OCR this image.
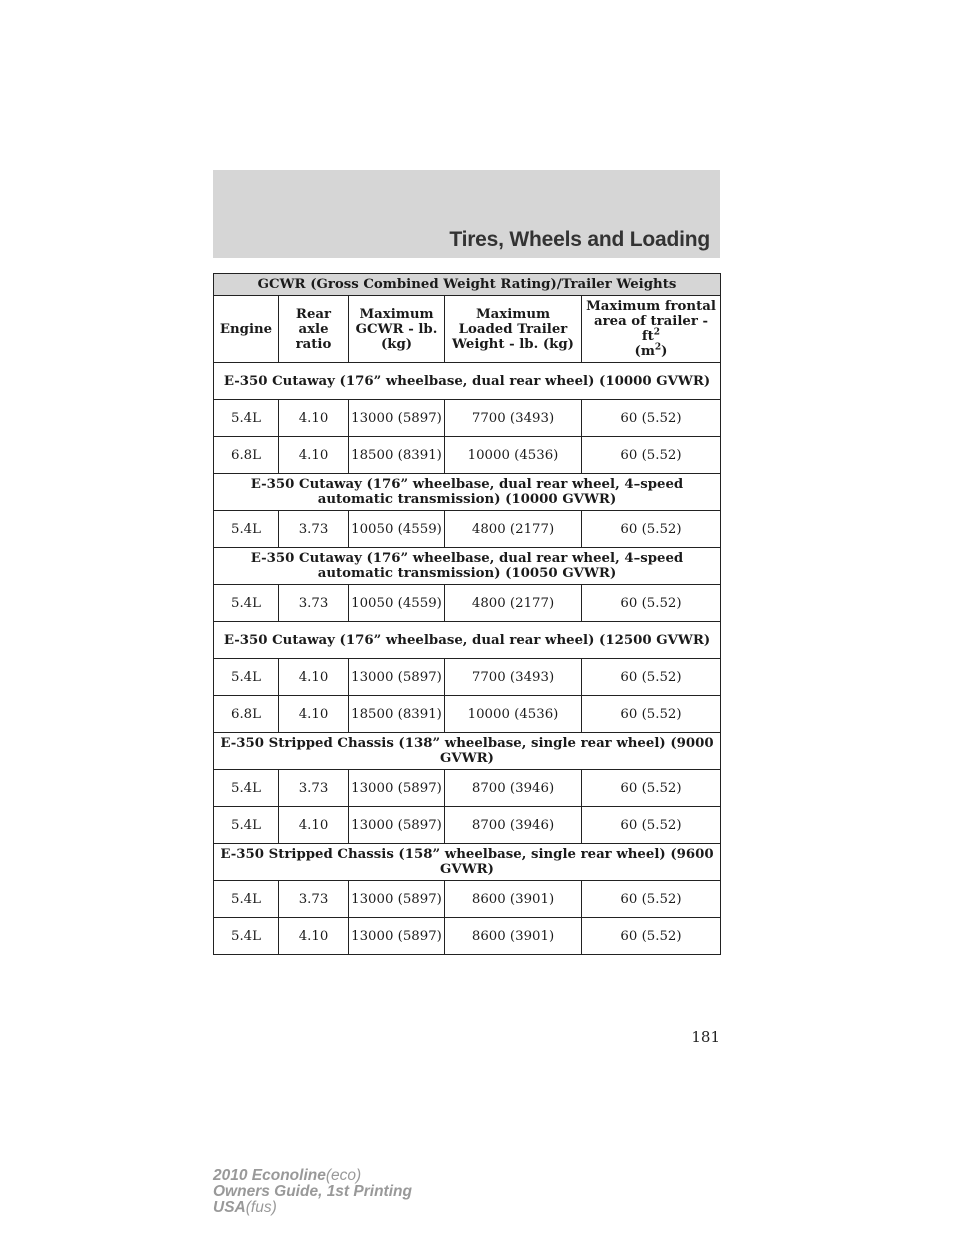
Tires, Wheels and Loading
GCWR (Gross Combined Weight Rating)/Trailer Weights				
Engine	Rear axle ratio	Maximum GCWR - lb. (kg)	Maximum Loaded Trailer Weight - lb. (kg)	Maximum frontal area of trailer - $ft^2$
$(m^2)$
E-350 Cutaway (176” wheelbase, dual rear wheel) (10000 GVWR)				
5.4L	4.10	13000 (5897)	7700 (3493)	60 (5.52)
6.8L	4.10	18500 (8391)	10000 (4536)	60 (5.52)
E-350 Cutaway (176” wheelbase, dual rear wheel, 4–speed automatic transmission) (10000 GVWR)				
5.4L	3.73	10050 (4559)	4800 (2177)	60 (5.52)
E-350 Cutaway (176” wheelbase, dual rear wheel, 4–speed automatic transmission) (10050 GVWR)				
5.4L	3.73	10050 (4559)	4800 (2177)	60 (5.52)
E-350 Cutaway (176” wheelbase, dual rear wheel) (12500 GVWR)				
5.4L	4.10	13000 (5897)	7700 (3493)	60 (5.52)
6.8L	4.10	18500 (8391)	10000 (4536)	60 (5.52)
E-350 Stripped Chassis (138” wheelbase, single rear wheel) (9000 GVWR)				
5.4L	3.73	13000 (5897)	8700 (3946)	60 (5.52)
5.4L	4.10	13000 (5897)	8700 (3946)	60 (5.52)
E-350 Stripped Chassis (158” wheelbase, single rear wheel) (9600 GVWR)				
5.4L	3.73	13000 (5897)	8600 (3901)	60 (5.52)
5.4L	4.10	13000 (5897)	8600 (3901)	60 (5.52)
181
2010 Econoline(eco)
Owners Guide, 1st Printing
USA(fus)
